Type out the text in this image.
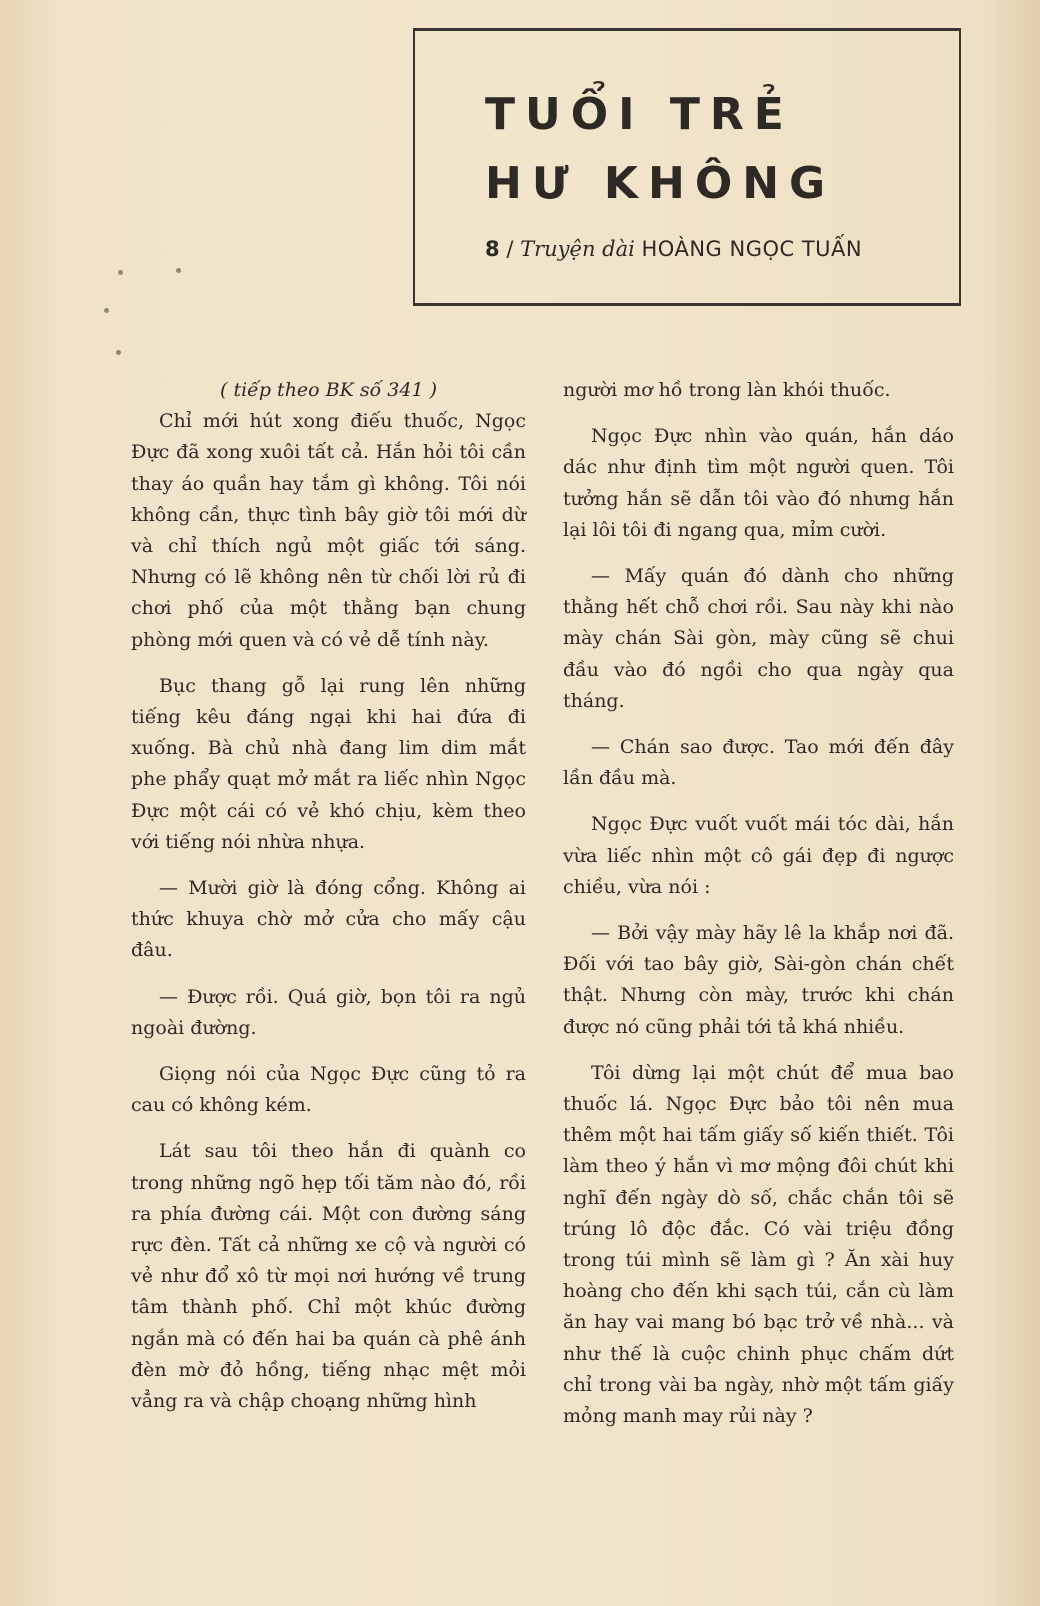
TUỔI TRẺ
HƯ KHÔNG
8 / Truyện dài HOÀNG NGỌC TUẤN

( tiếp theo BK số 341 )

Chỉ mới hút xong điếu thuốc, Ngọc Đực đã xong xuôi tất cả. Hắn hỏi tôi cần thay áo quần hay tắm gì không. Tôi nói không cần, thực tình bây giờ tôi mới dừ và chỉ thích ngủ một giấc tới sáng. Nhưng có lẽ không nên từ chối lời rủ đi chơi phố của một thằng bạn chung phòng mới quen và có vẻ dễ tính này.

Bục thang gỗ lại rung lên những tiếng kêu đáng ngại khi hai đứa đi xuống. Bà chủ nhà đang lim dim mắt phe phẩy quạt mở mắt ra liếc nhìn Ngọc Đực một cái có vẻ khó chịu, kèm theo với tiếng nói nhừa nhựa.

— Mười giờ là đóng cổng. Không ai thức khuya chờ mở cửa cho mấy cậu đâu.

— Được rồi. Quá giờ, bọn tôi ra ngủ ngoài đường.

Giọng nói của Ngọc Đực cũng tỏ ra cau có không kém.

Lát sau tôi theo hắn đi quành co trong những ngõ hẹp tối tăm nào đó, rồi ra phía đường cái. Một con đường sáng rực đèn. Tất cả những xe cộ và người có vẻ như đổ xô từ mọi nơi hướng về trung tâm thành phố. Chỉ một khúc đường ngắn mà có đến hai ba quán cà phê ánh đèn mờ đỏ hồng, tiếng nhạc mệt mỏi vẳng ra và chập choạng những hình

người mơ hồ trong làn khói thuốc.

Ngọc Đực nhìn vào quán, hắn dáo dác như định tìm một người quen. Tôi tưởng hắn sẽ dẫn tôi vào đó nhưng hắn lại lôi tôi đi ngang qua, mỉm cười.

— Mấy quán đó dành cho những thằng hết chỗ chơi rồi. Sau này khi nào mày chán Sài gòn, mày cũng sẽ chui đầu vào đó ngồi cho qua ngày qua tháng.

— Chán sao được. Tao mới đến đây lần đầu mà.

Ngọc Đực vuốt vuốt mái tóc dài, hắn vừa liếc nhìn một cô gái đẹp đi ngược chiều, vừa nói :

— Bởi vậy mày hãy lê la khắp nơi đã. Đối với tao bây giờ, Sài-gòn chán chết thật. Nhưng còn mày, trước khi chán được nó cũng phải tới tả khá nhiều.

Tôi dừng lại một chút để mua bao thuốc lá. Ngọc Đực bảo tôi nên mua thêm một hai tấm giấy số kiến thiết. Tôi làm theo ý hắn vì mơ mộng đôi chút khi nghĩ đến ngày dò số, chắc chắn tôi sẽ trúng lô độc đắc. Có vài triệu đồng trong túi mình sẽ làm gì ? Ăn xài huy hoàng cho đến khi sạch túi, cắn cù làm ăn hay vai mang bó bạc trở về nhà... và như thế là cuộc chinh phục chấm dứt chỉ trong vài ba ngày, nhờ một tấm giấy mỏng manh may rủi này ?
